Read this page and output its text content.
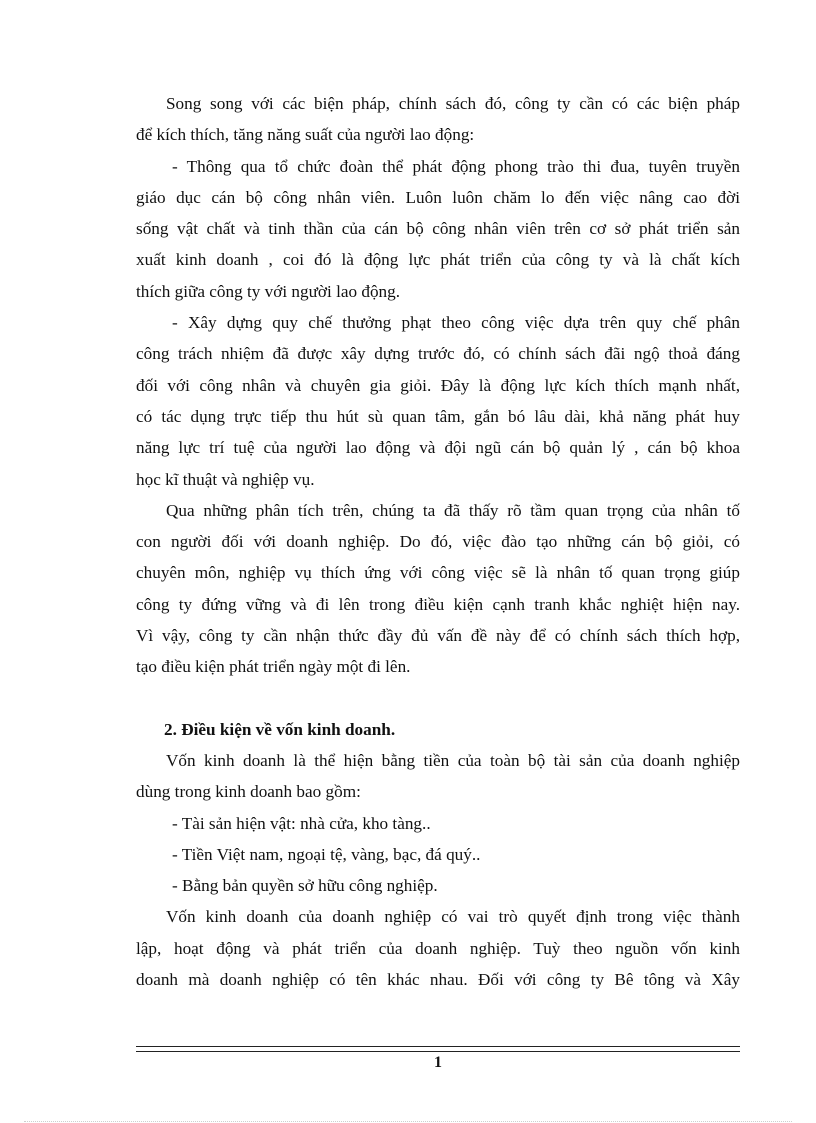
Song song với các biện pháp, chính sách đó, công ty cần có các biện pháp
để kích thích, tăng năng suất của người lao động:

- Thông qua tổ chức đoàn thể phát động phong trào thi đua, tuyên truyền
giáo dục cán bộ công nhân viên. Luôn luôn chăm lo đến việc nâng cao đời
sống vật chất và tinh thần của cán bộ công nhân viên trên cơ sở phát triển sản
xuất kinh doanh , coi đó là động lực phát triển của công ty và là chất kích
thích giữa công ty với người lao động.

- Xây dựng quy chế thưởng phạt theo công việc dựa trên quy chế phân
công trách nhiệm đã được xây dựng trước đó, có chính sách đãi ngộ thoả đáng
đối với công nhân và chuyên gia giỏi. Đây là động lực kích thích mạnh nhất,
có tác dụng trực tiếp thu hút sù quan tâm, gắn bó lâu dài, khả năng phát huy
năng lực trí tuệ của người lao động và đội ngũ cán bộ quản lý , cán bộ khoa
học kĩ thuật và nghiệp vụ.

Qua những phân tích trên, chúng ta đã thấy rõ tầm quan trọng của nhân tố
con người đối với doanh nghiệp. Do đó, việc đào tạo những cán bộ giỏi, có
chuyên môn, nghiệp vụ thích ứng với công việc sẽ là nhân tố quan trọng giúp
công ty đứng vững và đi lên trong điều kiện cạnh tranh khắc nghiệt hiện nay.
Vì vậy, công ty cần nhận thức đầy đủ vấn đề này để có chính sách thích hợp,
tạo điều kiện phát triển ngày một đi lên.

2. Điều kiện về vốn kinh doanh.

Vốn kinh doanh là thể hiện bằng tiền của toàn bộ tài sản của doanh nghiệp
dùng trong kinh doanh bao gồm:

- Tài sản hiện vật: nhà cửa, kho tàng..

- Tiền Việt nam, ngoại tệ, vàng, bạc, đá quý..

- Bằng bản quyền sở hữu công nghiệp.

Vốn kinh doanh của doanh nghiệp có vai trò quyết định trong việc thành
lập, hoạt động và phát triển của doanh nghiệp. Tuỳ theo nguồn vốn kinh
doanh mà doanh nghiệp có tên khác nhau. Đối với công ty Bê tông và Xây

1
